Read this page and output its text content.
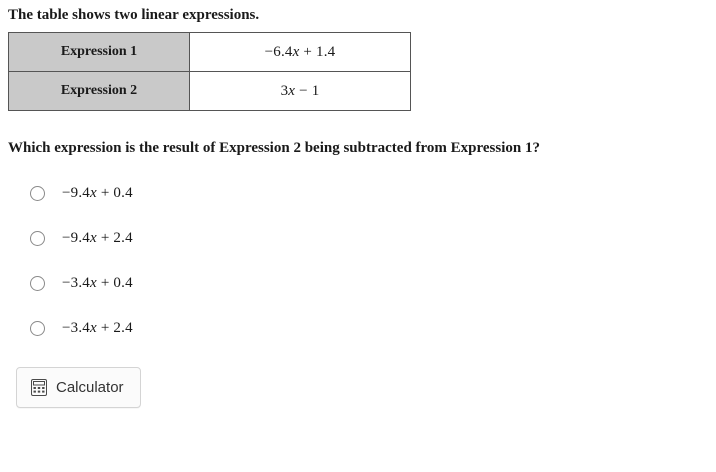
The table shows two linear expressions.
Expression 1	−6.4x + 1.4
Expression 2	3x − 1
Which expression is the result of Expression 2 being subtracted from Expression 1?
−9.4x + 0.4
−9.4x + 2.4
−3.4x + 0.4
−3.4x + 2.4
Calculator
